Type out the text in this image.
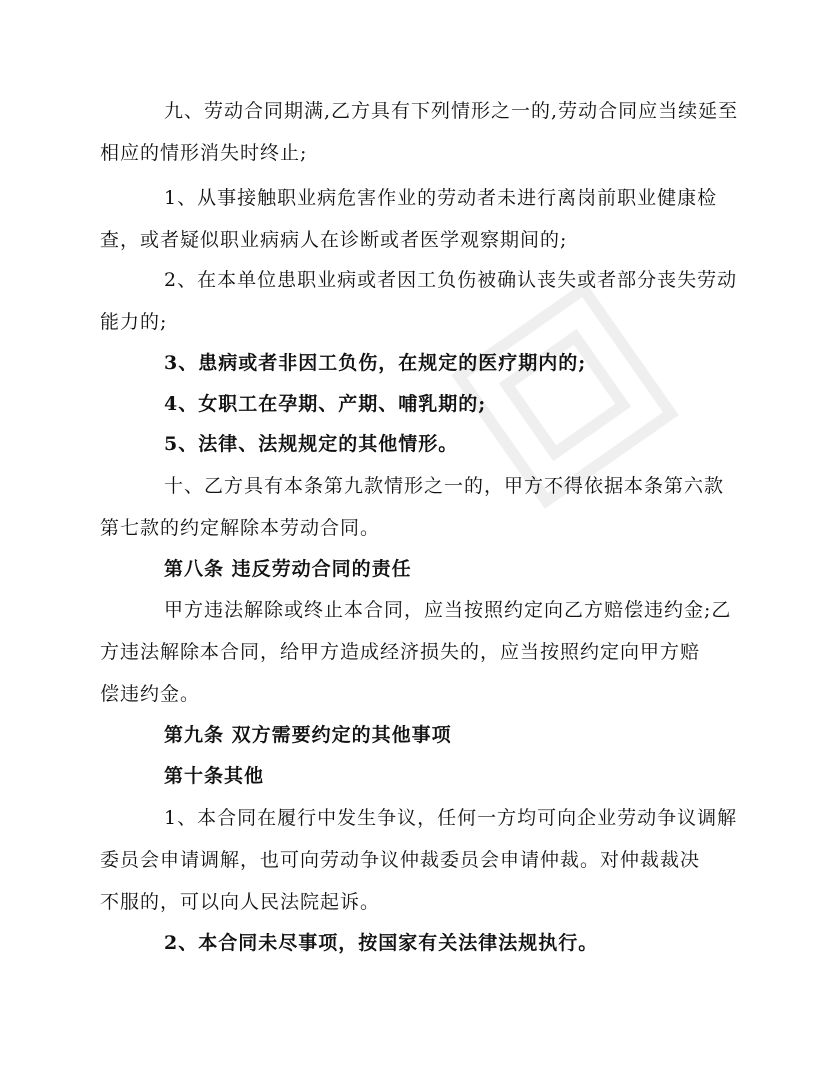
九、劳动合同期满,乙方具有下列情形之一的,劳动合同应当续延至
相应的情形消失时终止;

1、从事接触职业病危害作业的劳动者未进行离岗前职业健康检
查，或者疑似职业病病人在诊断或者医学观察期间的;

2、在本单位患职业病或者因工负伤被确认丧失或者部分丧失劳动
能力的;

3、患病或者非因工负伤，在规定的医疗期内的;

4、女职工在孕期、产期、哺乳期的;

5、法律、法规规定的其他情形。

十、乙方具有本条第九款情形之一的，甲方不得依据本条第六款
第七款的约定解除本劳动合同。

第八条 违反劳动合同的责任

甲方违法解除或终止本合同，应当按照约定向乙方赔偿违约金;乙
方违法解除本合同，给甲方造成经济损失的，应当按照约定向甲方赔
偿违约金。

第九条 双方需要约定的其他事项

第十条其他

1、本合同在履行中发生争议，任何一方均可向企业劳动争议调解
委员会申请调解，也可向劳动争议仲裁委员会申请仲裁。对仲裁裁决
不服的，可以向人民法院起诉。

2、本合同未尽事项，按国家有关法律法规执行。
